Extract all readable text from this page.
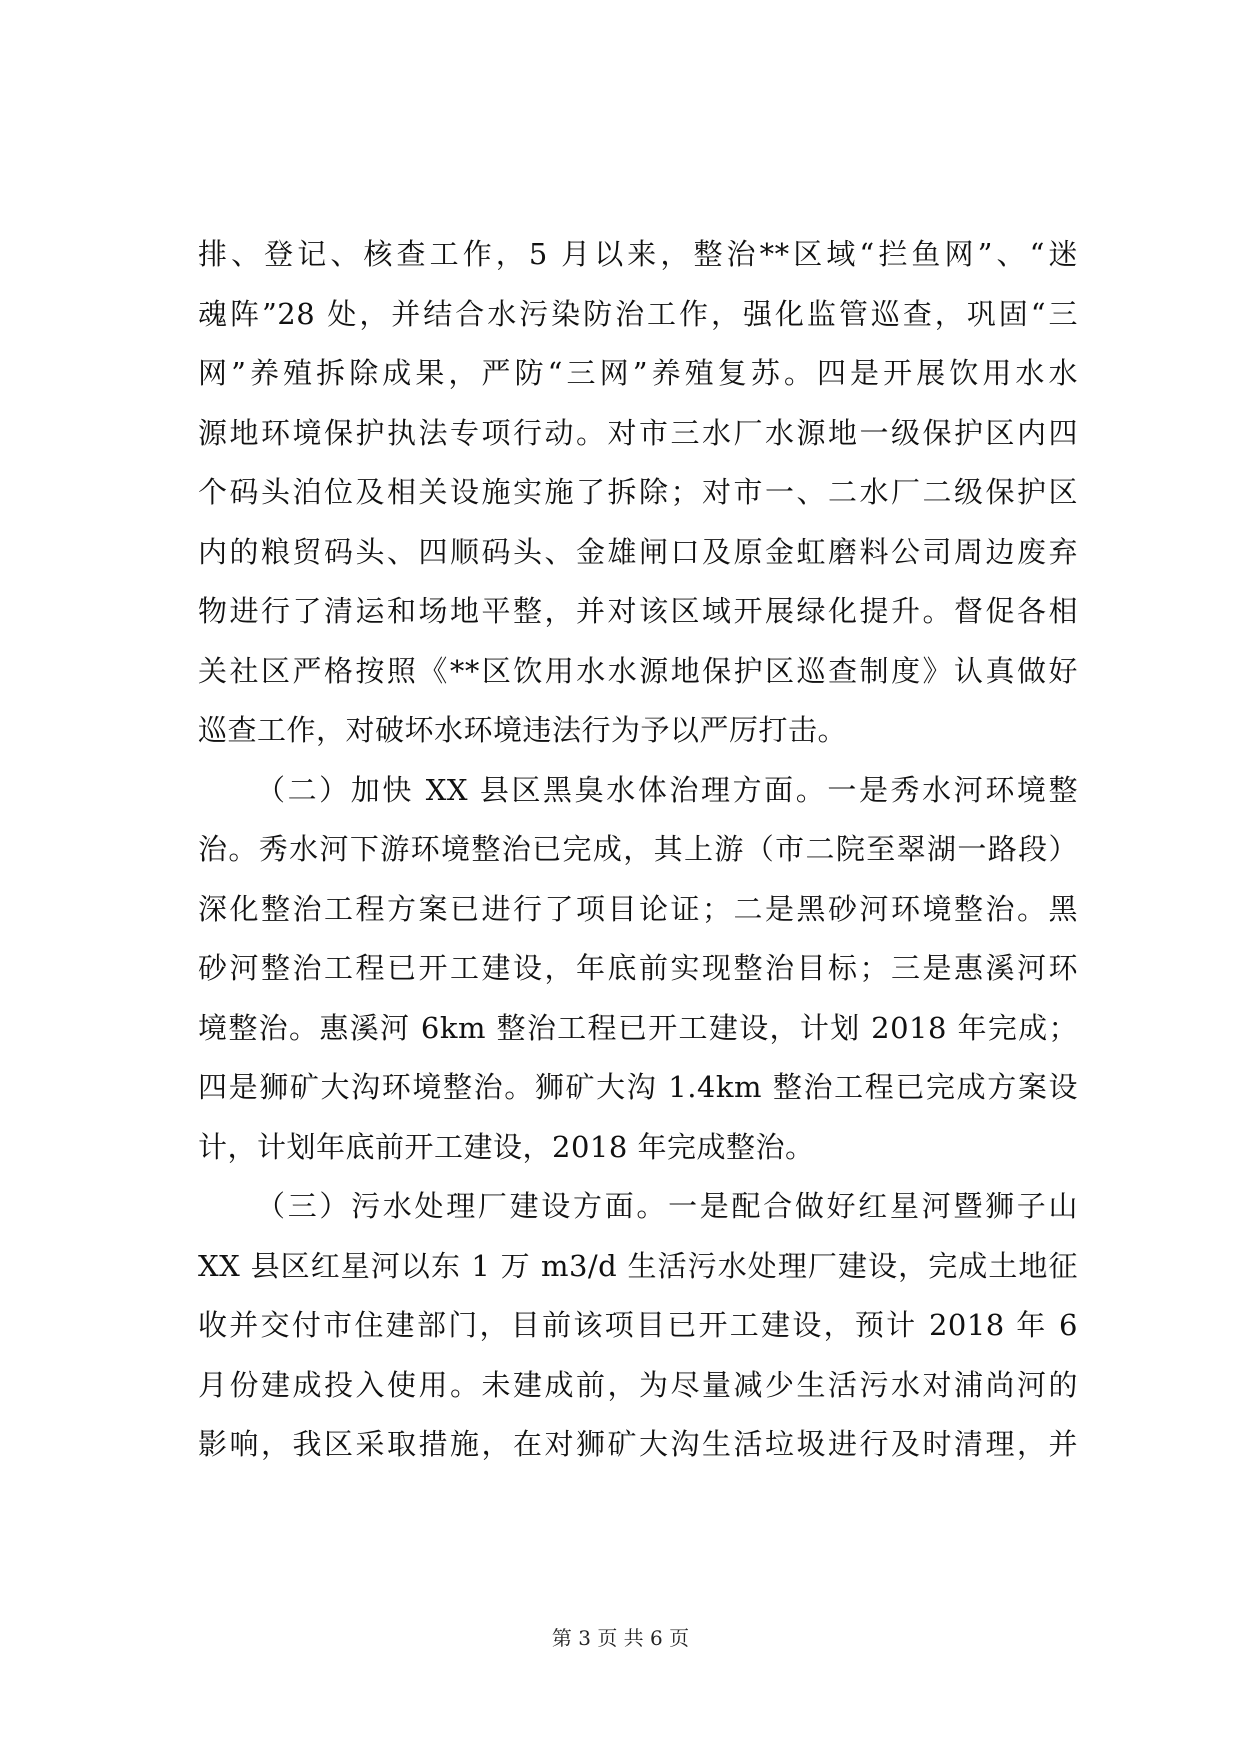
排、登记、核查工作，5 月以来，整治**区域“拦鱼网”、“迷
魂阵”28 处，并结合水污染防治工作，强化监管巡查，巩固“三
网”养殖拆除成果，严防“三网”养殖复苏。四是开展饮用水水
源地环境保护执法专项行动。对市三水厂水源地一级保护区内四
个码头泊位及相关设施实施了拆除；对市一、二水厂二级保护区
内的粮贸码头、四顺码头、金雄闸口及原金虹磨料公司周边废弃
物进行了清运和场地平整，并对该区域开展绿化提升。督促各相
关社区严格按照《**区饮用水水源地保护区巡查制度》认真做好
巡查工作，对破坏水环境违法行为予以严厉打击。
（二）加快 XX 县区黑臭水体治理方面。一是秀水河环境整
治。秀水河下游环境整治已完成，其上游（市二院至翠湖一路段）
深化整治工程方案已进行了项目论证；二是黑砂河环境整治。黑
砂河整治工程已开工建设，年底前实现整治目标；三是惠溪河环
境整治。惠溪河 6km 整治工程已开工建设，计划 2018 年完成；
四是狮矿大沟环境整治。狮矿大沟 1.4km 整治工程已完成方案设
计，计划年底前开工建设，2018 年完成整治。
（三）污水处理厂建设方面。一是配合做好红星河暨狮子山
XX 县区红星河以东 1 万 m3/d 生活污水处理厂建设，完成土地征
收并交付市住建部门，目前该项目已开工建设，预计 2018 年 6
月份建成投入使用。未建成前，为尽量减少生活污水对浦尚河的
影响，我区采取措施，在对狮矿大沟生活垃圾进行及时清理，并
第 3 页 共 6 页
